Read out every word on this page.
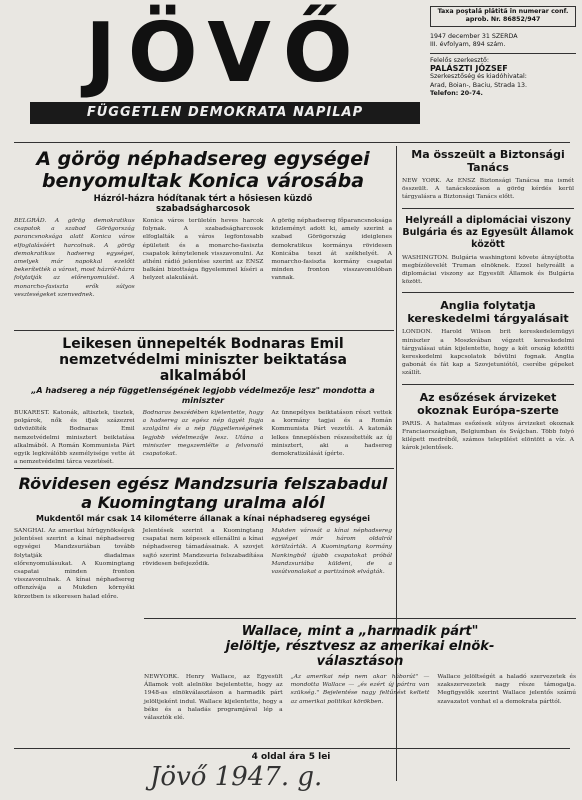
JÖVŐ
FÜGGETLEN DEMOKRATA NAPILAP
Taxa poştală plătită în numerar conf. aprob. Nr. 86852/947
1947 december 31 SZERDA
III. évfolyam, 894 szám.
Felelős szerkesztő:
PALÁSZTI JÓZSEF
Szerkesztőség és kiadóhivatal:
Arad, Boian-, Baciu, Strada 13.
Telefon: 20-74.
A görög néphadsereg egységei
benyomultak Konica városába
Házról-házra hódítanak tért a hősiesen küzdő szabadságharcosok
BELGRÁD. A görög demokratikus csapatok a szabad Görögország parancsnoksága alatt Konica város elfoglalásáért harcolnak. A görög demokratikus hadsereg egységei, amelyek már napokkal ezelőtt bekerítették a várost, most házról-házra folytatják az előrenyomulást. A monarcho-fasiszta erők súlyos veszteségeket szenvednek.
Konica város területén heves harcok folynak. A szabadságharcosok elfoglalták a város legfontosabb épületeit és a monarcho-fasiszta csapatok kénytelenek visszavonulni. Az athéni rádió jelentése szerint az ENSZ balkáni bizottsága figyelemmel kíséri a helyzet alakulását.
A görög néphadsereg főparancsnoksága közleményt adott ki, amely szerint a szabad Görögország ideiglenes demokratikus kormánya rövidesen Konicába teszi át székhelyét. A monarcho-fasiszta kormány csapatai minden fronton visszavonulóban vannak.
Leikesen ünnepelték Bodnaras Emil
nemzetvédelmi miniszter beiktatása
alkalmából
„A hadsereg a nép függetlenségének legjobb védelmezője lesz" mondotta a miniszter
BUKAREST. Katonák, altisztek, tisztek, polgárok, nők és ifjak százezrei üdvözölték Bodnaras Emil nemzetvédelmi minisztert beiktatása alkalmából. A Román Kommunista Párt egyik legkiválóbb személyisége vette át a nemzetvédelmi tárca vezetését.
Bodnaras beszédében kijelentette, hogy a hadsereg az egész nép ügyét fogja szolgálni és a nép függetlenségének legjobb védelmezője lesz. Utána a miniszter megszemlélte a felvonuló csapatokat.
Az ünnepélyes beiktatáson részt vettek a kormány tagjai és a Román Kommunista Párt vezetői. A katonák lelkes ünneplésben részesítették az új minisztert, aki a hadsereg demokratizálását ígérte.
Rövidesen egész Mandzsuria felszabadul
a Kuomingtang uralma alól
Mukdentől már csak 14 kilométerre állanak a kínai néphadsereg egységei
SANGHAI. Az amerikai hírügynökségek jelentései szerint a kínai néphadsereg egységei Mandzsuriában tovább folytatják diadalmas előrenyomulásukat. A Kuomingtang csapatai minden fronton visszavonulnak. A kínai néphadsereg offenzívája a Mukden környéki körzetben is sikeresen halad előre.
Jelentések szerint a Kuomingtang csapatai nem képesek ellenállni a kínai néphadsereg támadásainak. A szovjet sajtó szerint Mandzsuria felszabadítása rövidesen befejeződik.
Mukden városát a kínai néphadsereg egységei már három oldalról körülzárták. A Kuomingtang kormány Nankingból újabb csapatokat próbál Mandzsuriába küldeni, de a vasútvonalakat a partizánok elvágták.
Wallace, mint a „harmadik párt"
jelöltje, résztvesz az amerikai elnök-
választáson
NEWYORK. Henry Wallace, az Egyesült Államok volt alelnöke bejelentette, hogy az 1948-as elnökválasztáson a harmadik párt jelöltjeként indul. Wallace kijelentette, hogy a béke és a haladás programjával lép a választók elé.
„Az amerikai nép nem akar háborút" — mondotta Wallace — „és ezért új pártra van szükség." Bejelentése nagy feltűnést keltett az amerikai politikai körökben.
Wallace jelöltségét a haladó szervezetek és szakszervezetek nagy része támogatja. Megfigyelők szerint Wallace jelentős számú szavazatot vonhat el a demokrata párttól.
Ma összeült a Biztonsági Tanács
NEW YORK. Az ENSZ Biztonsági Tanácsa ma ismét összeült. A tanácskozáson a görög kérdés kerül tárgyalásra a Biztonsági Tanács előtt.
Helyreáll a diplomáciai viszony Bulgária és az Egyesült Államok között
WASHINGTON. Bulgária washingtoni követe átnyújtotta megbízólevelét Truman elnöknek. Ezzel helyreállt a diplomáciai viszony az Egyesült Államok és Bulgária között.
Anglia folytatja kereskedelmi tárgyalásait
LONDON. Harold Wilson brit kereskedelemügyi miniszter a Moszkvában végzett kereskedelmi tárgyalásai után kijelentette, hogy a két ország közötti kereskedelmi kapcsolatok bővülni fognak. Anglia gabonát és fát kap a Szovjetuniótól, cserébe gépeket szállít.
Az esőzések árvizeket okoznak Európa-szerte
PARIS. A hatalmas esőzések súlyos árvizeket okoznak Franciaországban, Belgiumban és Svájcban. Több folyó kilépett medréből, számos települést elöntött a víz. A károk jelentősek.
4 oldal ára 5 lei
Jövő 1947. g.
